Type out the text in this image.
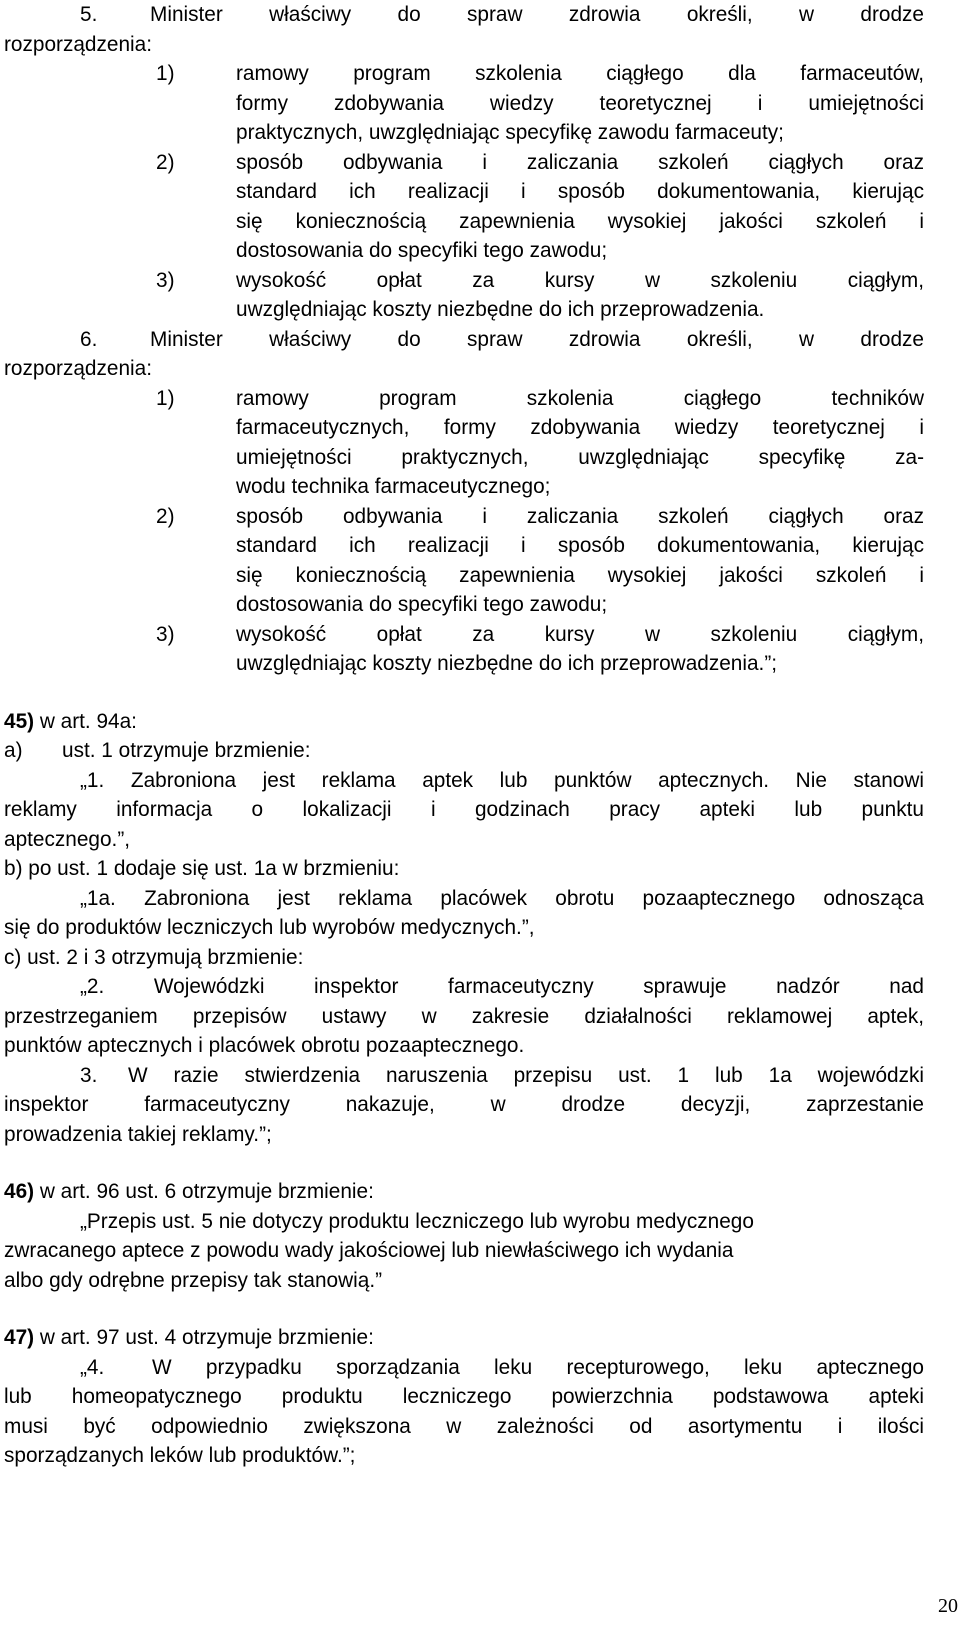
5.	Minister właściwy do spraw zdrowia określi, w drodze
rozporządzenia:
1)	ramowy program szkolenia ciągłego dla farmaceutów,
formy zdobywania wiedzy teoretycznej i umiejętności
praktycznych, uwzględniając specyfikę zawodu farmaceuty;
2)	sposób odbywania i zaliczania szkoleń ciągłych oraz
standard ich realizacji i sposób dokumentowania, kierując
się koniecznością zapewnienia wysokiej jakości szkoleń i
dostosowania do specyfiki tego zawodu;
3)	wysokość opłat za kursy w szkoleniu ciągłym,
uwzględniając koszty niezbędne do ich przeprowadzenia.
6.	Minister właściwy do spraw zdrowia określi, w drodze
rozporządzenia:
1)	ramowy program szkolenia ciągłego techników
farmaceutycznych, formy zdobywania wiedzy teoretycznej i
umiejętności praktycznych, uwzględniając specyfikę za-
wodu technika farmaceutycznego;
2)	sposób odbywania i zaliczania szkoleń ciągłych oraz
standard ich realizacji i sposób dokumentowania, kierując
się koniecznością zapewnienia wysokiej jakości szkoleń i
dostosowania do specyfiki tego zawodu;
3)	wysokość opłat za kursy w szkoleniu ciągłym,
uwzględniając koszty niezbędne do ich przeprowadzenia.”;
45) w art. 94a:
a)	ust. 1 otrzymuje brzmienie:
„1. Zabroniona jest reklama aptek lub punktów aptecznych. Nie stanowi
reklamy informacja o lokalizacji i godzinach pracy apteki lub punktu
aptecznego.”,
b) po ust. 1 dodaje się ust. 1a w brzmieniu:
„1a. Zabroniona jest reklama placówek obrotu pozaaptecznego odnosząca
się do produktów leczniczych lub wyrobów medycznych.”,
c) ust. 2 i 3 otrzymują brzmienie:
„2. Wojewódzki inspektor farmaceutyczny sprawuje nadzór nad
przestrzeganiem przepisów ustawy w zakresie działalności reklamowej aptek,
punktów aptecznych i placówek obrotu pozaaptecznego.
3.	W razie stwierdzenia naruszenia przepisu ust. 1 lub 1a wojewódzki
inspektor farmaceutyczny nakazuje, w drodze decyzji, zaprzestanie
prowadzenia takiej reklamy.”;
46) w art. 96 ust. 6 otrzymuje brzmienie:
„Przepis ust. 5 nie dotyczy produktu leczniczego lub wyrobu medycznego
zwracanego aptece z powodu wady jakościowej lub niewłaściwego ich wydania
albo gdy odrębne przepisy tak stanowią.”
47) w art. 97 ust. 4 otrzymuje brzmienie:
„4.	W przypadku sporządzania leku recepturowego, leku aptecznego
lub homeopatycznego produktu leczniczego powierzchnia podstawowa apteki
musi być odpowiednio zwiększona w zależności od asortymentu i ilości
sporządzanych leków lub produktów.”;
20
